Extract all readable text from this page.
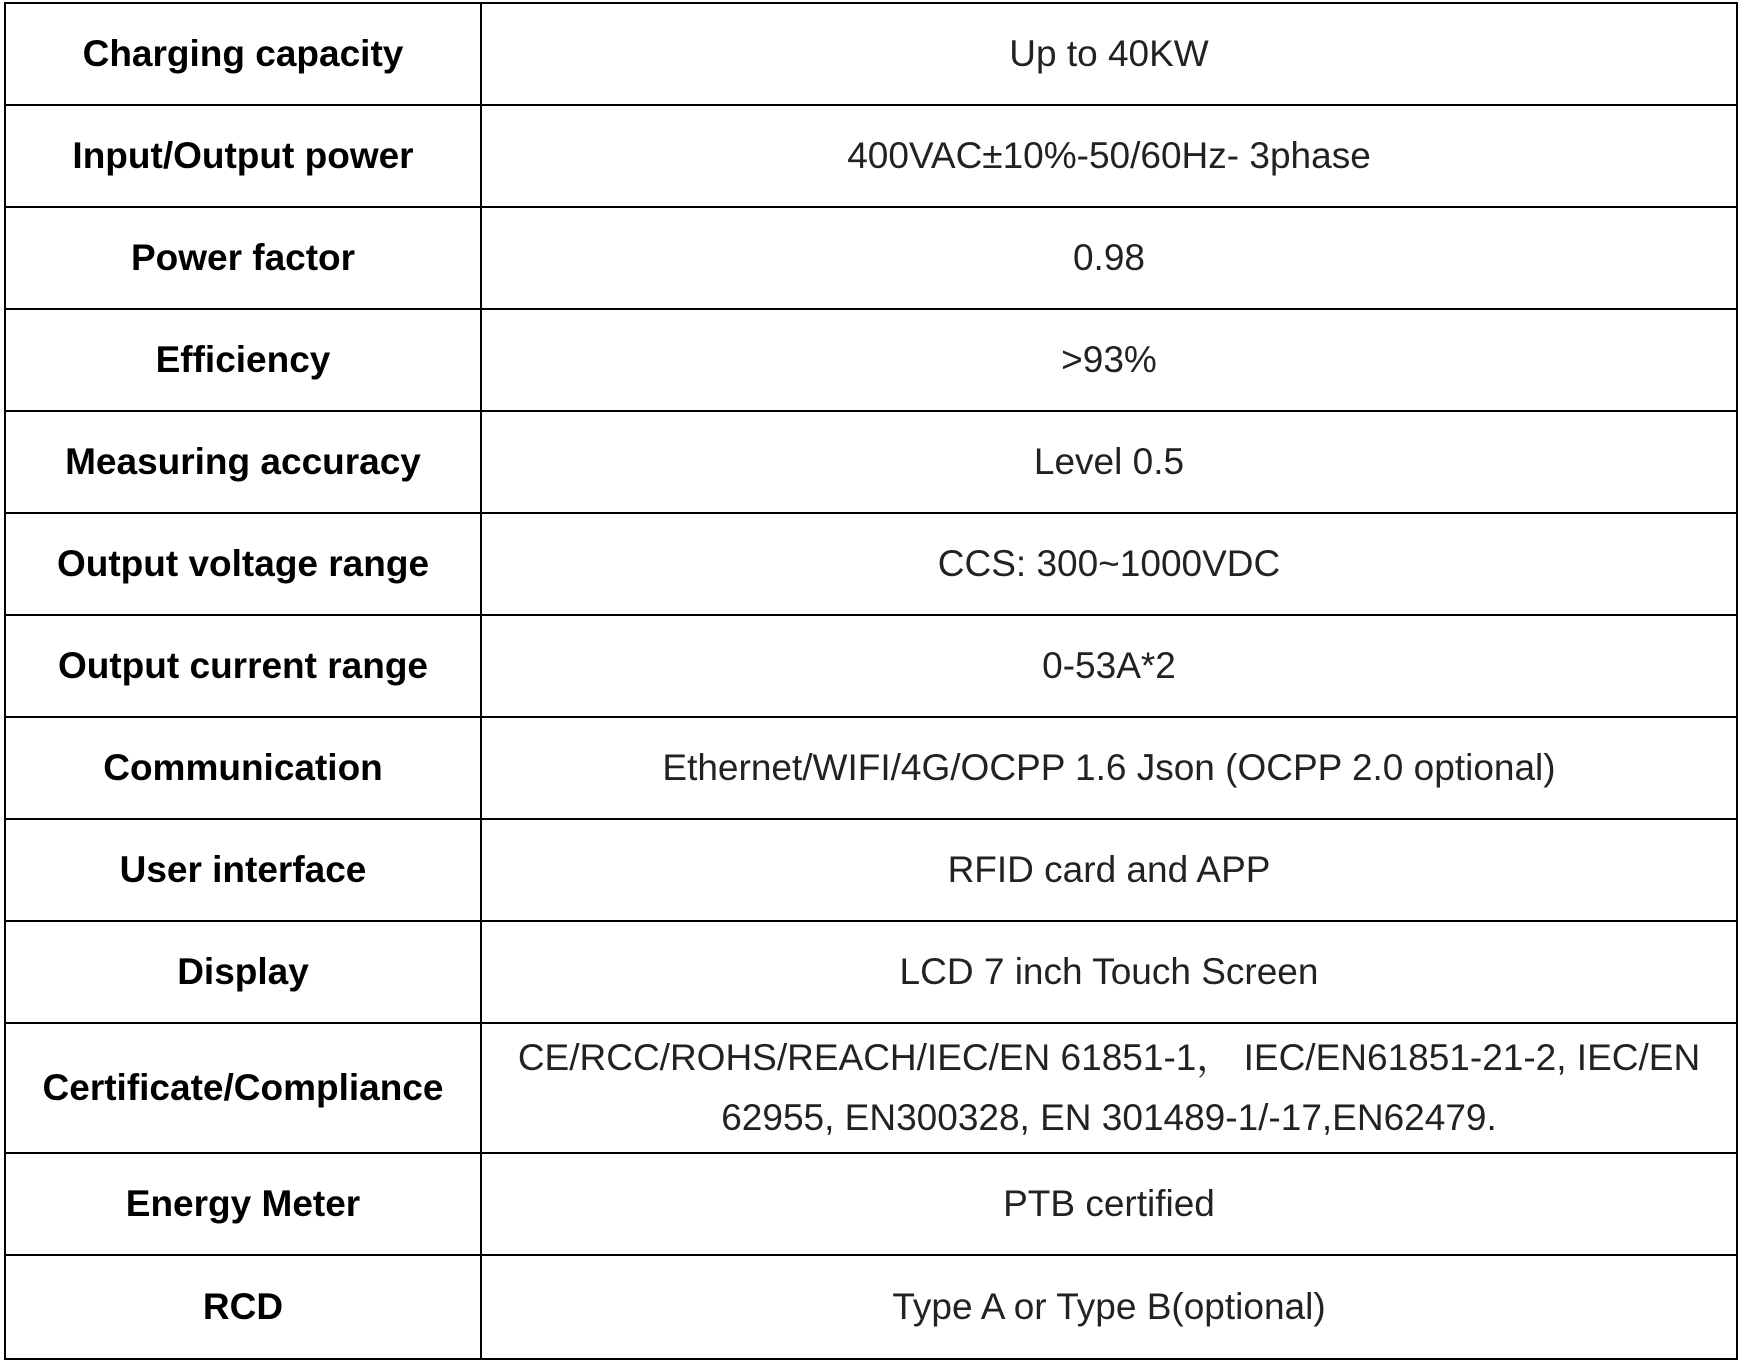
Charging capacity	Up to 40KW
Input/Output power	400VAC±10%-50/60Hz- 3phase
Power factor	0.98
Efficiency	>93%
Measuring accuracy	Level 0.5
Output voltage range	CCS: 300~1000VDC
Output current range	0-53A*2
Communication	Ethernet/WIFI/4G/OCPP 1.6 Json (OCPP 2.0 optional)
User interface	RFID card and APP
Display	LCD 7 inch Touch Screen
Certificate/Compliance	CE/RCC/ROHS/REACH/IEC/EN 61851-1， IEC/EN61851-21-2, IEC/EN 62955, EN300328, EN 301489-1/-17,EN62479.
Energy Meter	PTB certified
RCD	Type A or Type B(optional)
